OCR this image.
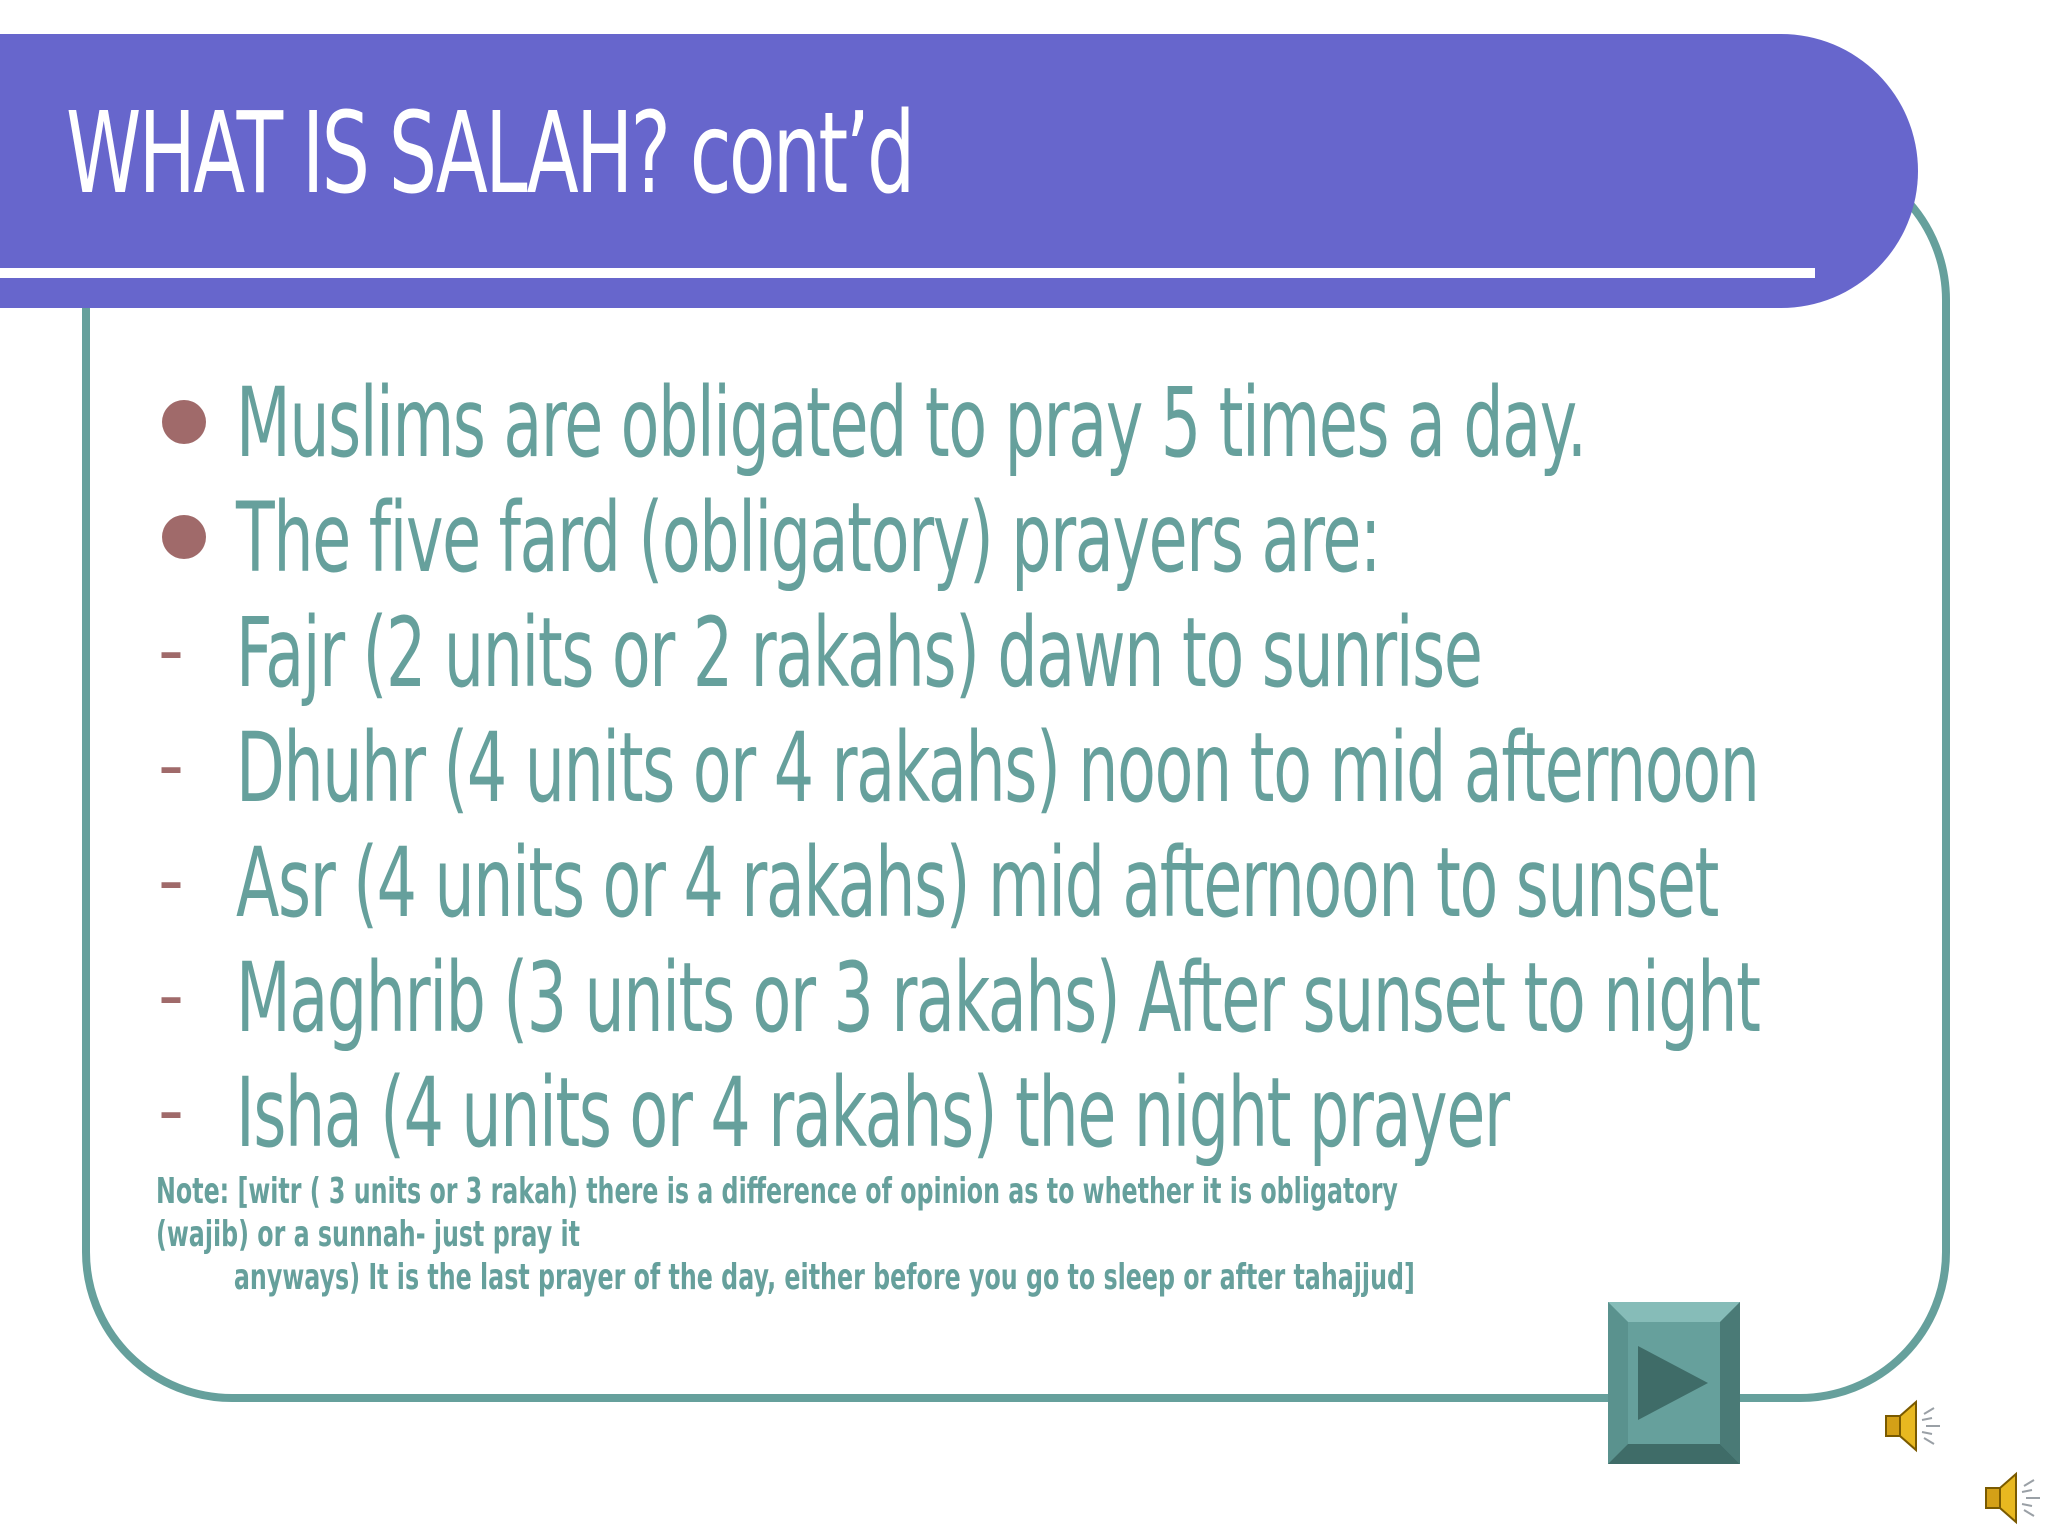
WHAT IS SALAH? cont’d
Muslims are obligated to pray 5 times a day.
The five fard (obligatory) prayers are:
- Fajr (2 units or 2 rakahs) dawn to sunrise
- Dhuhr (4 units or 4 rakahs) noon to mid afternoon
- Asr (4 units or 4 rakahs) mid afternoon to sunset
- Maghrib (3 units or 3 rakahs) After sunset to night
- Isha (4 units or 4 rakahs) the night prayer

Note: [witr ( 3 units or 3 rakah) there is a difference of opinion as to whether it is obligatory (wajib) or a sunnah- just pray it
anyways) It is the last prayer of the day, either before you go to sleep or after tahajjud]
